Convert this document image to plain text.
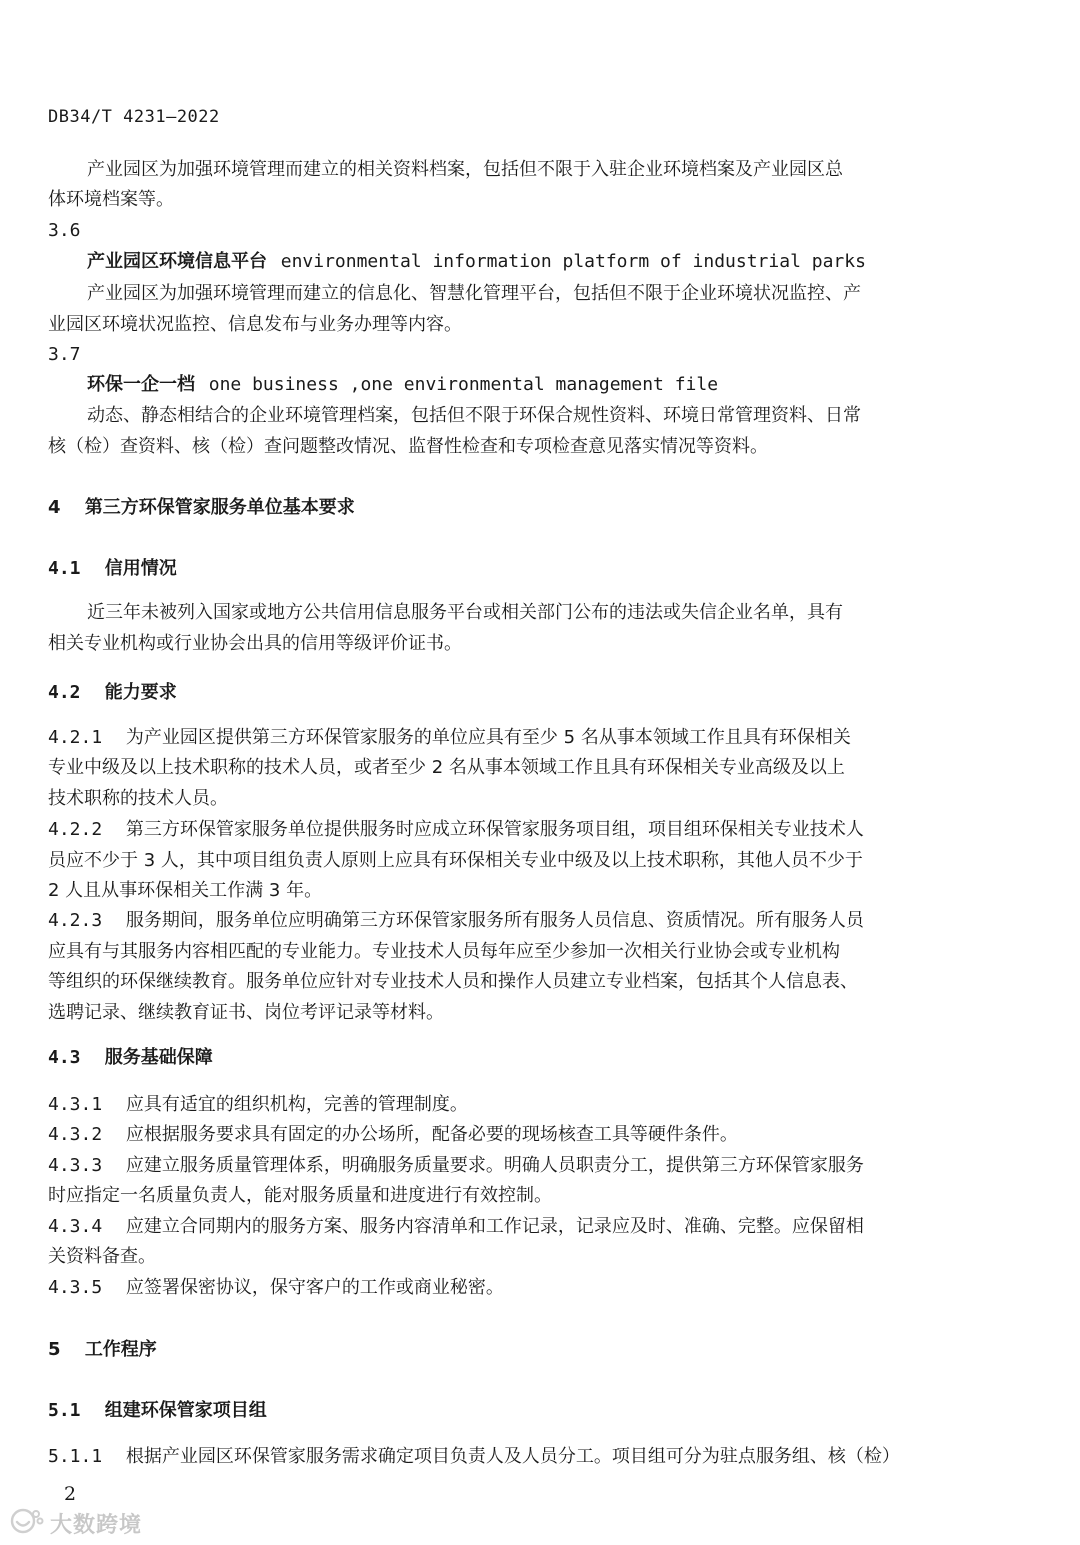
DB34/T 4231—2022
产业园区为加强环境管理而建立的相关资料档案，包括但不限于入驻企业环境档案及产业园区总
体环境档案等。
3.6
产业园区环境信息平台 environmental information platform of industrial parks
产业园区为加强环境管理而建立的信息化、智慧化管理平台，包括但不限于企业环境状况监控、产
业园区环境状况监控、信息发布与业务办理等内容。
3.7
环保一企一档 one business ,one environmental management file
动态、静态相结合的企业环境管理档案，包括但不限于环保合规性资料、环境日常管理资料、日常
核（检）查资料、核（检）查问题整改情况、监督性检查和专项检查意见落实情况等资料。
4 第三方环保管家服务单位基本要求
4.1 信用情况
近三年未被列入国家或地方公共信用信息服务平台或相关部门公布的违法或失信企业名单，具有
相关专业机构或行业协会出具的信用等级评价证书。
4.2 能力要求
4.2.1 为产业园区提供第三方环保管家服务的单位应具有至少 5 名从事本领域工作且具有环保相关
专业中级及以上技术职称的技术人员，或者至少 2 名从事本领域工作且具有环保相关专业高级及以上
技术职称的技术人员。
4.2.2 第三方环保管家服务单位提供服务时应成立环保管家服务项目组，项目组环保相关专业技术人
员应不少于 3 人，其中项目组负责人原则上应具有环保相关专业中级及以上技术职称，其他人员不少于
2 人且从事环保相关工作满 3 年。
4.2.3 服务期间，服务单位应明确第三方环保管家服务所有服务人员信息、资质情况。所有服务人员
应具有与其服务内容相匹配的专业能力。专业技术人员每年应至少参加一次相关行业协会或专业机构
等组织的环保继续教育。服务单位应针对专业技术人员和操作人员建立专业档案，包括其个人信息表、
选聘记录、继续教育证书、岗位考评记录等材料。
4.3 服务基础保障
4.3.1 应具有适宜的组织机构，完善的管理制度。
4.3.2 应根据服务要求具有固定的办公场所，配备必要的现场核查工具等硬件条件。
4.3.3 应建立服务质量管理体系，明确服务质量要求。明确人员职责分工，提供第三方环保管家服务
时应指定一名质量负责人，能对服务质量和进度进行有效控制。
4.3.4 应建立合同期内的服务方案、服务内容清单和工作记录，记录应及时、准确、完整。应保留相
关资料备查。
4.3.5 应签署保密协议，保守客户的工作或商业秘密。
5 工作程序
5.1 组建环保管家项目组
5.1.1 根据产业园区环保管家服务需求确定项目负责人及人员分工。项目组可分为驻点服务组、核（检）
2
大数跨境
